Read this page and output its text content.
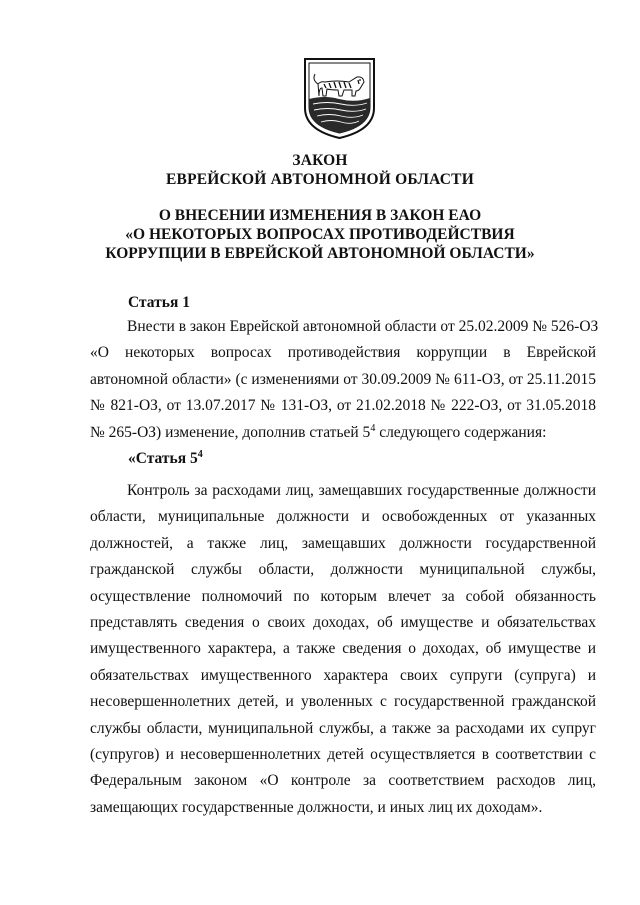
ЗАКОН
ЕВРЕЙСКОЙ АВТОНОМНОЙ ОБЛАСТИ
О ВНЕСЕНИИ ИЗМЕНЕНИЯ В ЗАКОН ЕАО
«О НЕКОТОРЫХ ВОПРОСАХ ПРОТИВОДЕЙСТВИЯ
КОРРУПЦИИ В ЕВРЕЙСКОЙ АВТОНОМНОЙ ОБЛАСТИ»
Статья 1
Внести в закон Еврейской автономной области от 25.02.2009 № 526-ОЗ
«О некоторых вопросах противодействия коррупции в Еврейской
автономной области» (с изменениями от 30.09.2009 № 611-ОЗ, от 25.11.2015
№ 821-ОЗ, от 13.07.2017 № 131-ОЗ, от 21.02.2018 № 222-ОЗ, от 31.05.2018
№ 265-ОЗ) изменение, дополнив статьей $5^4$ следующего содержания:
«Статья $5^4$
Контроль за расходами лиц, замещавших государственные должности
области, муниципальные должности и освобожденных от указанных
должностей, а также лиц, замещавших должности государственной
гражданской службы области, должности муниципальной службы,
осуществление полномочий по которым влечет за собой обязанность
представлять сведения о своих доходах, об имуществе и обязательствах
имущественного характера, а также сведения о доходах, об имуществе и
обязательствах имущественного характера своих супруги (супруга) и
несовершеннолетних детей, и уволенных с государственной гражданской
службы области, муниципальной службы, а также за расходами их супруг
(супругов) и несовершеннолетних детей осуществляется в соответствии с
Федеральным законом «О контроле за соответствием расходов лиц,
замещающих государственные должности, и иных лиц их доходам».
